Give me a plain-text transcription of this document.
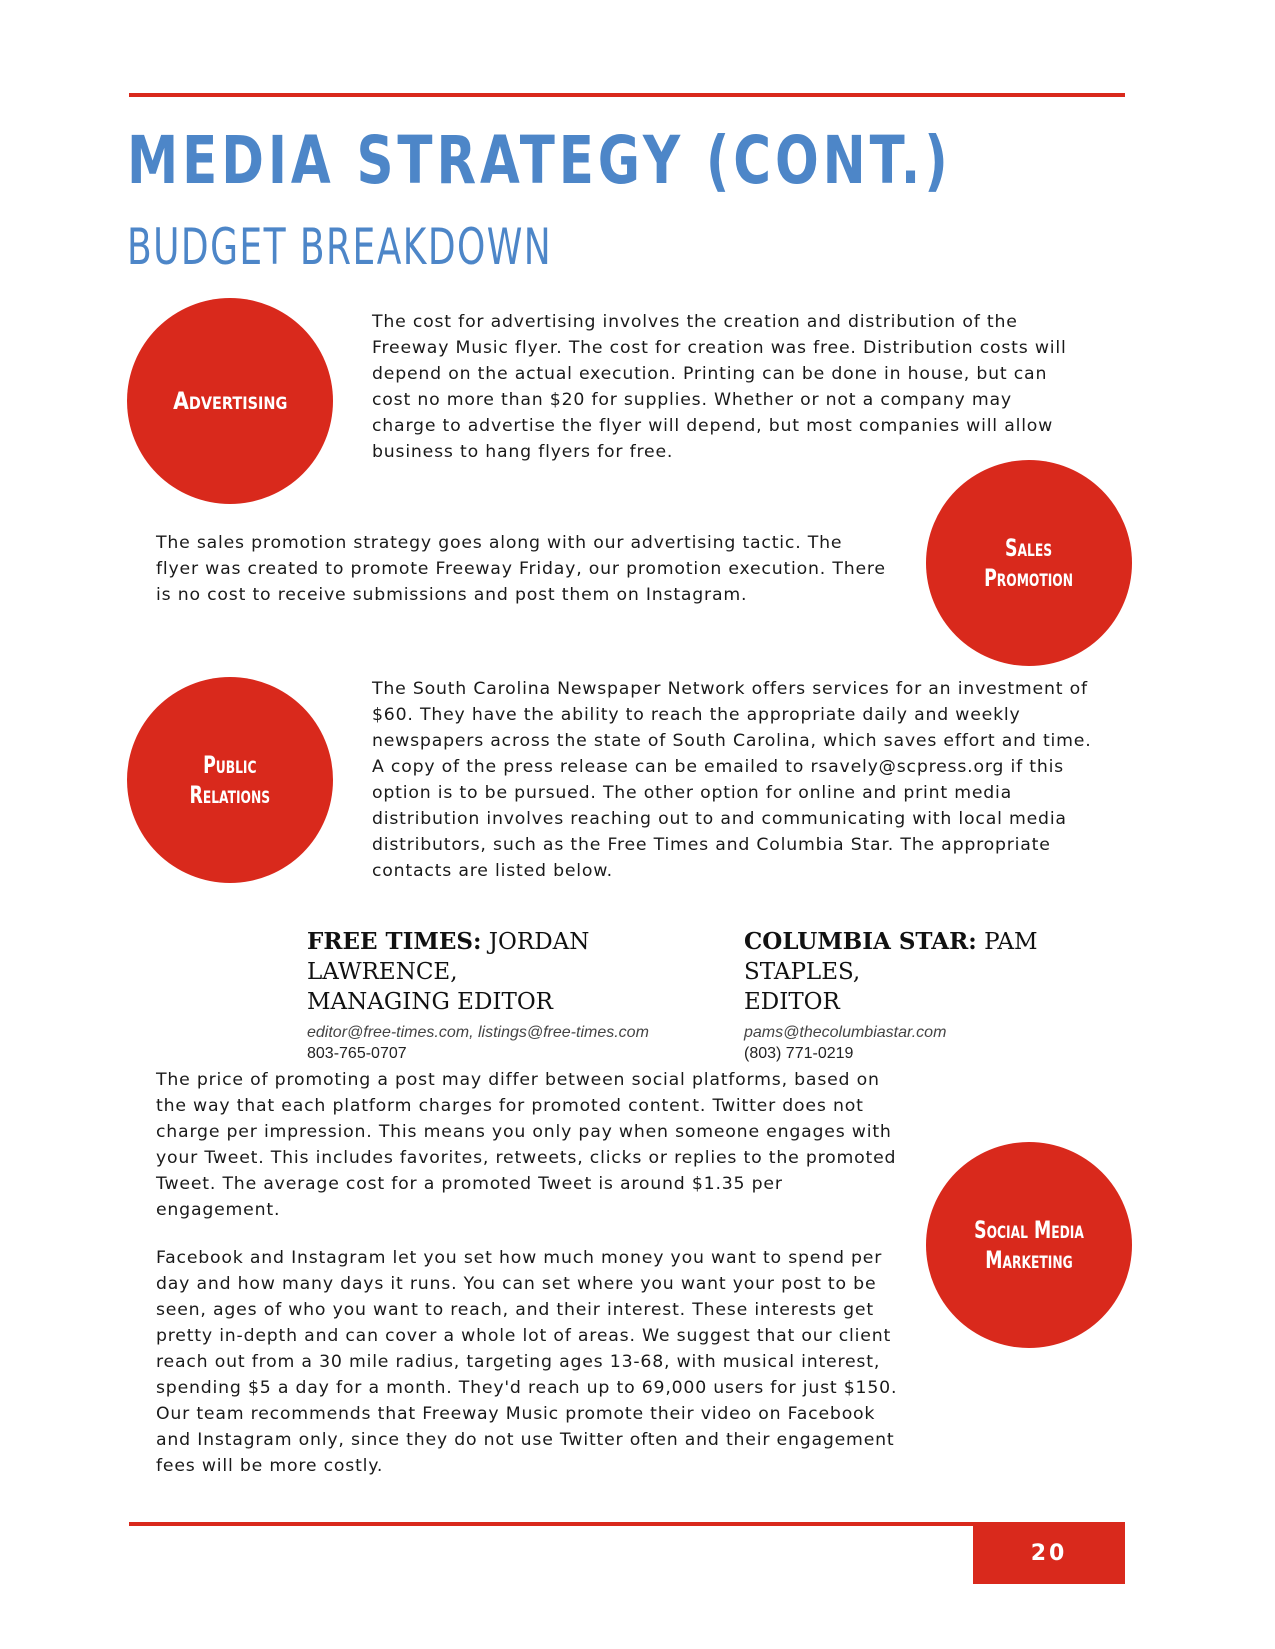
MEDIA STRATEGY (CONT.)
BUDGET BREAKDOWN
Advertising

The cost for advertising involves the creation and distribution of the Freeway Music flyer. The cost for creation was free. Distribution costs will depend on the actual execution. Printing can be done in house, but can cost no more than $20 for supplies. Whether or not a company may charge to advertise the flyer will depend, but most companies will allow business to hang flyers for free.

The sales promotion strategy goes along with our advertising tactic. The flyer was created to promote Freeway Friday, our promotion execution. There is no cost to receive submissions and post them on Instagram.

Sales
Promotion
Public
Relations

The South Carolina Newspaper Network offers services for an investment of $60. They have the ability to reach the appropriate daily and weekly newspapers across the state of South Carolina, which saves effort and time. A copy of the press release can be emailed to rsavely@scpress.org if this option is to be pursued. The other option for online and print media distribution involves reaching out to and communicating with local media distributors, such as the Free Times and Columbia Star. The appropriate contacts are listed below.

FREE TIMES: JORDAN LAWRENCE,
MANAGING EDITOR

editor@free-times.com, listings@free-times.com
803-765-0707

COLUMBIA STAR: PAM STAPLES,
EDITOR

pams@thecolumbiastar.com
(803) 771-0219

The price of promoting a post may differ between social platforms, based on the way that each platform charges for promoted content. Twitter does not charge per impression. This means you only pay when someone engages with your Tweet. This includes favorites, retweets, clicks or replies to the promoted Tweet. The average cost for a promoted Tweet is around $1.35 per engagement.

Facebook and Instagram let you set how much money you want to spend per day and how many days it runs. You can set where you want your post to be seen, ages of who you want to reach, and their interest. These interests get pretty in-depth and can cover a whole lot of areas. We suggest that our client reach out from a 30 mile radius, targeting ages 13-68, with musical interest, spending $5 a day for a month. They'd reach up to 69,000 users for just $150. Our team recommends that Freeway Music promote their video on Facebook and Instagram only, since they do not use Twitter often and their engagement fees will be more costly.

Social Media
Marketing
20
